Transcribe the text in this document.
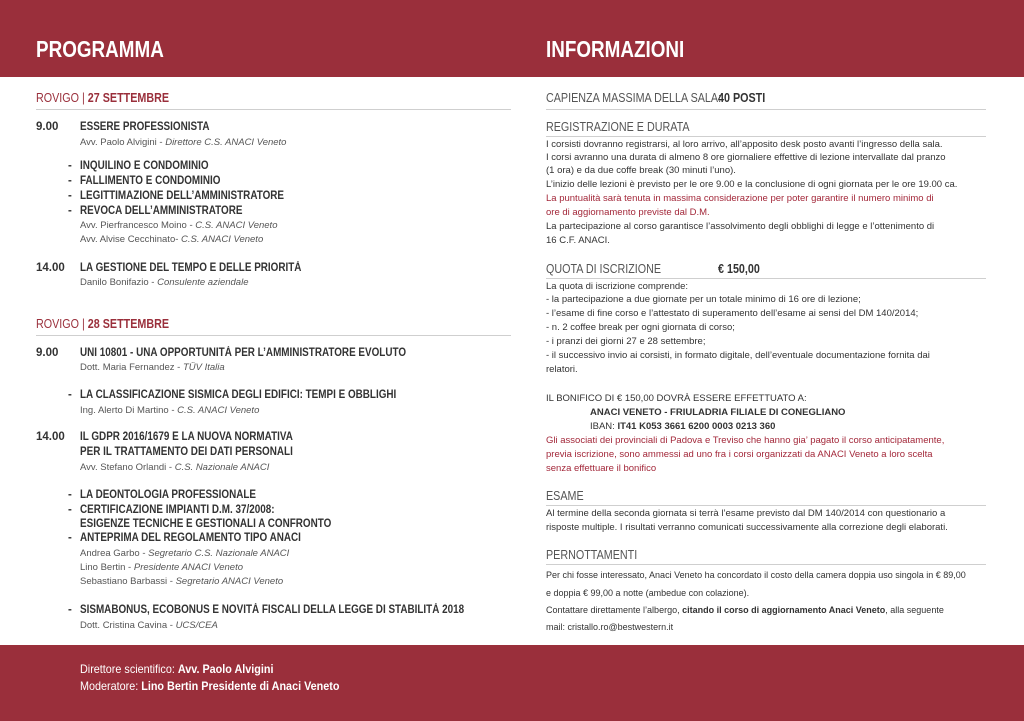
PROGRAMMA	INFORMAZIONI
ROVIGO | 27 SETTEMBRE
9.00 ESSERE PROFESSIONISTA
Avv. Paolo Alvigini - Direttore C.S. ANACI Veneto
- INQUILINO E CONDOMINIO
- FALLIMENTO E CONDOMINIO
- LEGITTIMAZIONE DELL’AMMINISTRATORE
- REVOCA DELL’AMMINISTRATORE
Avv. Pierfrancesco Moino - C.S. ANACI Veneto
Avv. Alvise Cecchinato- C.S. ANACI Veneto
14.00 LA GESTIONE DEL TEMPO E DELLE PRIORITÀ
Danilo Bonifazio - Consulente aziendale
ROVIGO | 28 SETTEMBRE
9.00 UNI 10801 - UNA OPPORTUNITÀ PER L’AMMINISTRATORE EVOLUTO
Dott. Maria Fernandez - TÜV Italia
- LA CLASSIFICAZIONE SISMICA DEGLI EDIFICI: TEMPI E OBBLIGHI
Ing. Alerto Di Martino - C.S. ANACI Veneto
14.00 IL GDPR 2016/1679 E LA NUOVA NORMATIVA
PER IL TRATTAMENTO DEI DATI PERSONALI
Avv. Stefano Orlandi - C.S. Nazionale ANACI
- LA DEONTOLOGIA PROFESSIONALE
- CERTIFICAZIONE IMPIANTI D.M. 37/2008:
ESIGENZE TECNICHE E GESTIONALI A CONFRONTO
- ANTEPRIMA DEL REGOLAMENTO TIPO ANACI
Andrea Garbo - Segretario C.S. Nazionale ANACI
Lino Bertin - Presidente ANACI Veneto
Sebastiano Barbassi - Segretario ANACI Veneto
- SISMABONUS, ECOBONUS E NOVITÀ FISCALI DELLA LEGGE DI STABILITÀ 2018
Dott. Cristina Cavina - UCS/CEA
CAPIENZA MASSIMA DELLA SALA:
40 POSTI
REGISTRAZIONE E DURATA
I corsisti dovranno registrarsi, al loro arrivo, all’apposito desk posto avanti l’ingresso della sala.
I corsi avranno una durata di almeno 8 ore giornaliere effettive di lezione intervallate dal pranzo
(1 ora) e da due coffe break (30 minuti l’uno).
L’inizio delle lezioni è previsto per le ore 9.00 e la conclusione di ogni giornata per le ore 19.00 ca.
La puntualità sarà tenuta in massima considerazione per poter garantire il numero minimo di
ore di aggiornamento previste dal D.M.
La partecipazione al corso garantisce l’assolvimento degli obblighi di legge e l’ottenimento di
16 C.F. ANACI.
QUOTA DI ISCRIZIONE	€ 150,00
La quota di iscrizione comprende:
- la partecipazione a due giornate per un totale minimo di 16 ore di lezione;
- l’esame di fine corso e l’attestato di superamento dell’esame ai sensi del DM 140/2014;
- n. 2 coffee break per ogni giornata di corso;
- i pranzi dei giorni 27 e 28 settembre;
- il successivo invio ai corsisti, in formato digitale, dell’eventuale documentazione fornita dai
relatori.
IL BONIFICO DI € 150,00 DOVRÀ ESSERE EFFETTUATO A:
ANACI VENETO - FRIULADRIA FILIALE DI CONEGLIANO
IBAN: IT41 K053 3661 6200 0003 0213 360
Gli associati dei provinciali di Padova e Treviso che hanno gia’ pagato il corso anticipatamente,
previa iscrizione, sono ammessi ad uno fra i corsi organizzati da ANACI Veneto a loro scelta
senza effettuare il bonifico
ESAME
Al termine della seconda giornata si terrà l’esame previsto dal DM 140/2014 con questionario a
risposte multiple. I risultati verranno comunicati successivamente alla correzione degli elaborati.
PERNOTTAMENTI
Per chi fosse interessato, Anaci Veneto ha concordato il costo della camera doppia uso singola in € 89,00
e doppia € 99,00 a notte (ambedue con colazione).
Contattare direttamente l’albergo, citando il corso di aggiornamento Anaci Veneto, alla seguente
mail: cristallo.ro@bestwestern.it
Direttore scientifico: Avv. Paolo Alvigini
Moderatore: Lino Bertin Presidente di Anaci Veneto
